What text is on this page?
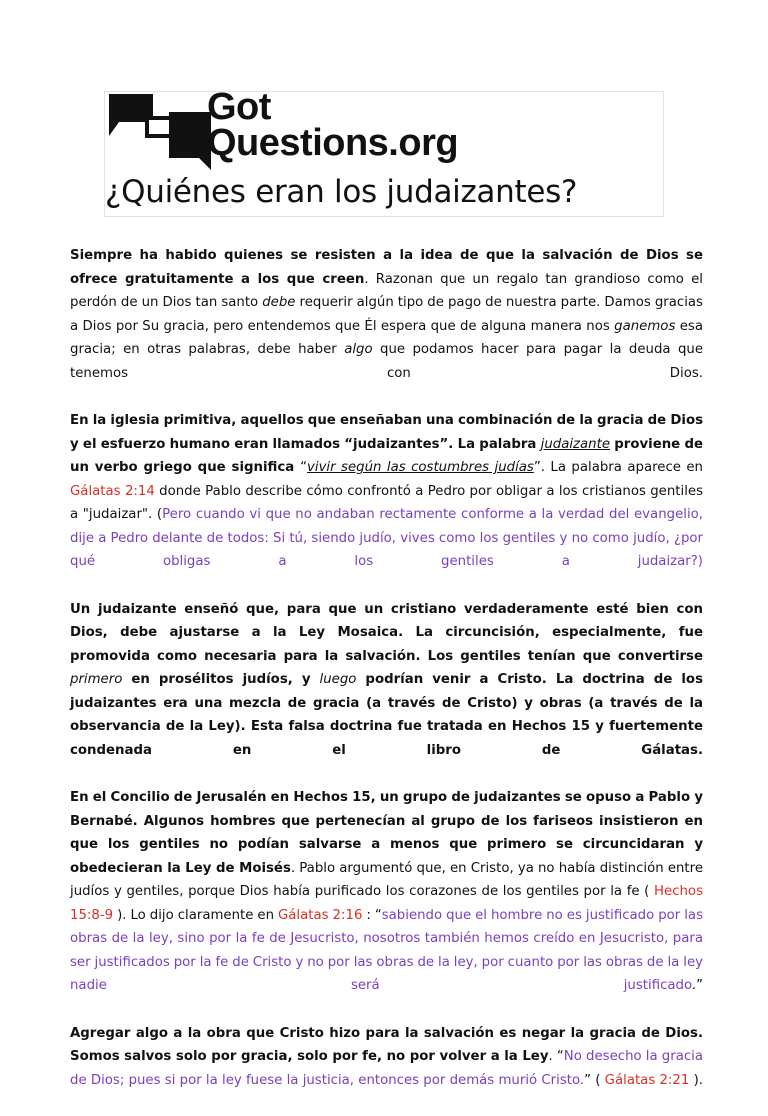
Got
Questions.org
¿Quiénes eran los judaizantes?

Siempre ha habido quienes se resisten a la idea de que la salvación de Dios se ofrece gratuitamente a los que creen. Razonan que un regalo tan grandioso como el perdón de un Dios tan santo debe requerir algún tipo de pago de nuestra parte. Damos gracias a Dios por Su gracia, pero entendemos que Él espera que de alguna manera nos ganemos esa gracia; en otras palabras, debe haber algo que podamos hacer para pagar la deuda que tenemos con Dios.

En la iglesia primitiva, aquellos que enseñaban una combinación de la gracia de Dios y el esfuerzo humano eran llamados “judaizantes”. La palabra judaizante proviene de un verbo griego que significa “vivir según las costumbres judías”. La palabra aparece en Gálatas 2:14 donde Pablo describe cómo confrontó a Pedro por obligar a los cristianos gentiles a "judaizar". (Pero cuando vi que no andaban rectamente conforme a la verdad del evangelio, dije a Pedro delante de todos: Si tú, siendo judío, vives como los gentiles y no como judío, ¿por qué obligas a los gentiles a judaizar?)

Un judaizante enseñó que, para que un cristiano verdaderamente esté bien con Dios, debe ajustarse a la Ley Mosaica. La circuncisión, especialmente, fue promovida como necesaria para la salvación. Los gentiles tenían que convertirse primero en prosélitos judíos, y luego podrían venir a Cristo. La doctrina de los judaizantes era una mezcla de gracia (a través de Cristo) y obras (a través de la observancia de la Ley). Esta falsa doctrina fue tratada en Hechos 15 y fuertemente condenada en el libro de Gálatas.

En el Concilio de Jerusalén en Hechos 15, un grupo de judaizantes se opuso a Pablo y Bernabé. Algunos hombres que pertenecían al grupo de los fariseos insistieron en que los gentiles no podían salvarse a menos que primero se circuncidaran y obedecieran la Ley de Moisés. Pablo argumentó que, en Cristo, ya no había distinción entre judíos y gentiles, porque Dios había purificado los corazones de los gentiles por la fe ( Hechos 15:8-9 ). Lo dijo claramente en Gálatas 2:16 : “sabiendo que el hombre no es justificado por las obras de la ley, sino por la fe de Jesucristo, nosotros también hemos creído en Jesucristo, para ser justificados por la fe de Cristo y no por las obras de la ley, por cuanto por las obras de la ley nadie será justificado.”

Agregar algo a la obra que Cristo hizo para la salvación es negar la gracia de Dios. Somos salvos solo por gracia, solo por fe, no por volver a la Ley. “No desecho la gracia de Dios; pues si por la ley fuese la justicia, entonces por demás murió Cristo.” ( Gálatas 2:21 ).
